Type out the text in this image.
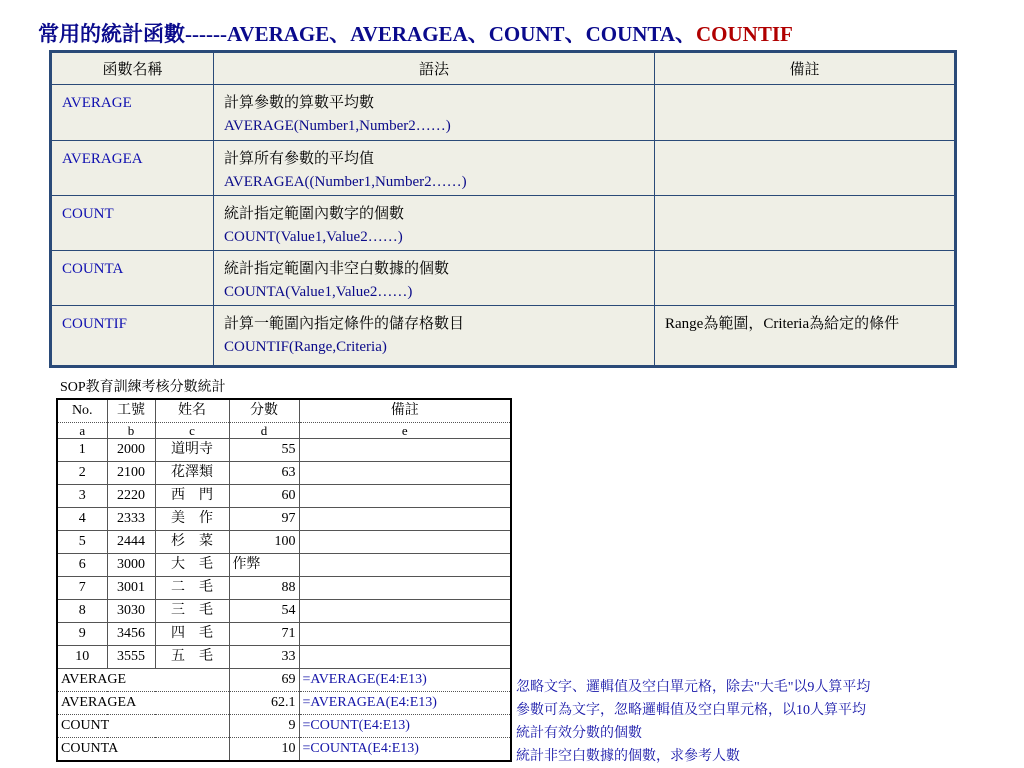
常用的統計函數------AVERAGE、AVERAGEA、COUNT、COUNTA、COUNTIF
函數名稱	語法	備註
AVERAGE	計算參數的算數平均數
AVERAGE(Number1,Number2……)	

AVERAGEA	計算所有參數的平均值
AVERAGEA((Number1,Number2……)	

COUNT	統計指定範圍內數字的個數
COUNT(Value1,Value2……)	

COUNTA	統計指定範圍內非空白數據的個數
COUNTA(Value1,Value2……)	

COUNTIF	計算一範圍內指定條件的儲存格數目
COUNTIF(Range,Criteria)	Range為範圍，Criteria為給定的條件
SOP教育訓練考核分數統計
No.	工號	姓名	分數	備註
a	b	c	d	e
1	2000	道明寺	55	
2	2100	花澤類	63	
3	2220	西　門	60	
4	2333	美　作	97	
5	2444	杉　菜	100	
6	3000	大　毛	作弊	
7	3001	二　毛	88	
8	3030	三　毛	54	
9	3456	四　毛	71	
10	3555	五　毛	33	
AVERAGE			69	=AVERAGE(E4:E13)
AVERAGEA			62.1	=AVERAGEA(E4:E13)
COUNT			9	=COUNT(E4:E13)
COUNTA			10	=COUNTA(E4:E13)
忽略文字、邏輯值及空白單元格，除去"大毛"以9人算平均
參數可為文字，忽略邏輯值及空白單元格，以10人算平均
統計有效分數的個數
統計非空白數據的個數，求參考人數
